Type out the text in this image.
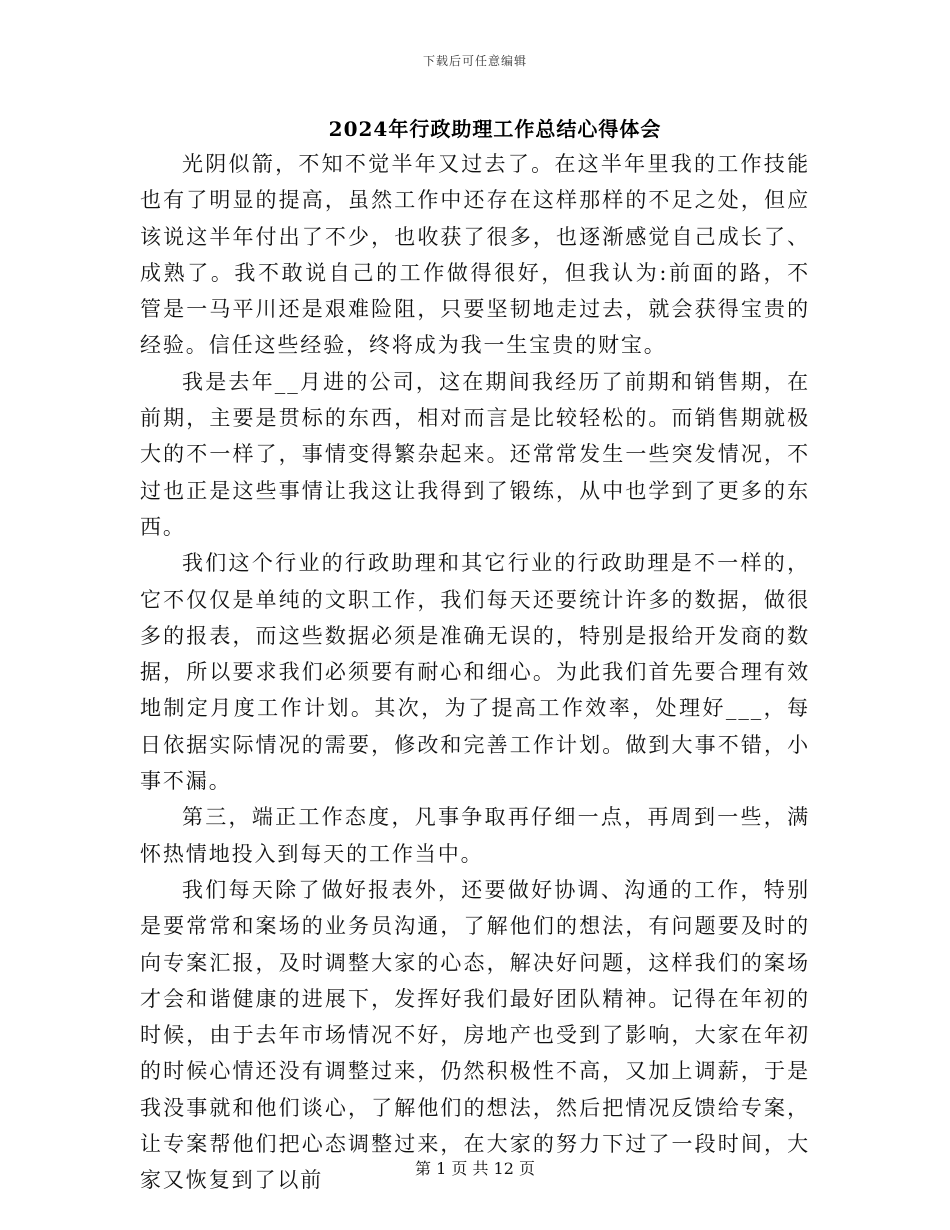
下载后可任意编辑
2024年行政助理工作总结心得体会

光阴似箭，不知不觉半年又过去了。在这半年里我的工作技能也有了明显的提高，虽然工作中还存在这样那样的不足之处，但应该说这半年付出了不少，也收获了很多，也逐渐感觉自己成长了、成熟了。我不敢说自己的工作做得很好，但我认为:前面的路，不管是一马平川还是艰难险阻，只要坚韧地走过去，就会获得宝贵的经验。信任这些经验，终将成为我一生宝贵的财宝。

我是去年__月进的公司，这在期间我经历了前期和销售期，在前期，主要是贯标的东西，相对而言是比较轻松的。而销售期就极大的不一样了，事情变得繁杂起来。还常常发生一些突发情况，不过也正是这些事情让我这让我得到了锻练，从中也学到了更多的东西。

我们这个行业的行政助理和其它行业的行政助理是不一样的，它不仅仅是单纯的文职工作，我们每天还要统计许多的数据，做很多的报表，而这些数据必须是准确无误的，特别是报给开发商的数据，所以要求我们必须要有耐心和细心。为此我们首先要合理有效地制定月度工作计划。其次，为了提高工作效率，处理好___，每日依据实际情况的需要，修改和完善工作计划。做到大事不错，小事不漏。

第三，端正工作态度，凡事争取再仔细一点，再周到一些，满怀热情地投入到每天的工作当中。

我们每天除了做好报表外，还要做好协调、沟通的工作，特别是要常常和案场的业务员沟通，了解他们的想法，有问题要及时的向专案汇报，及时调整大家的心态，解决好问题，这样我们的案场才会和谐健康的进展下，发挥好我们最好团队精神。记得在年初的时候，由于去年市场情况不好，房地产也受到了影响，大家在年初的时候心情还没有调整过来，仍然积极性不高，又加上调薪，于是我没事就和他们谈心，了解他们的想法，然后把情况反馈给专案，让专案帮他们把心态调整过来，在大家的努力下过了一段时间，大家又恢复到了以前	第 1 页 共 12 页
